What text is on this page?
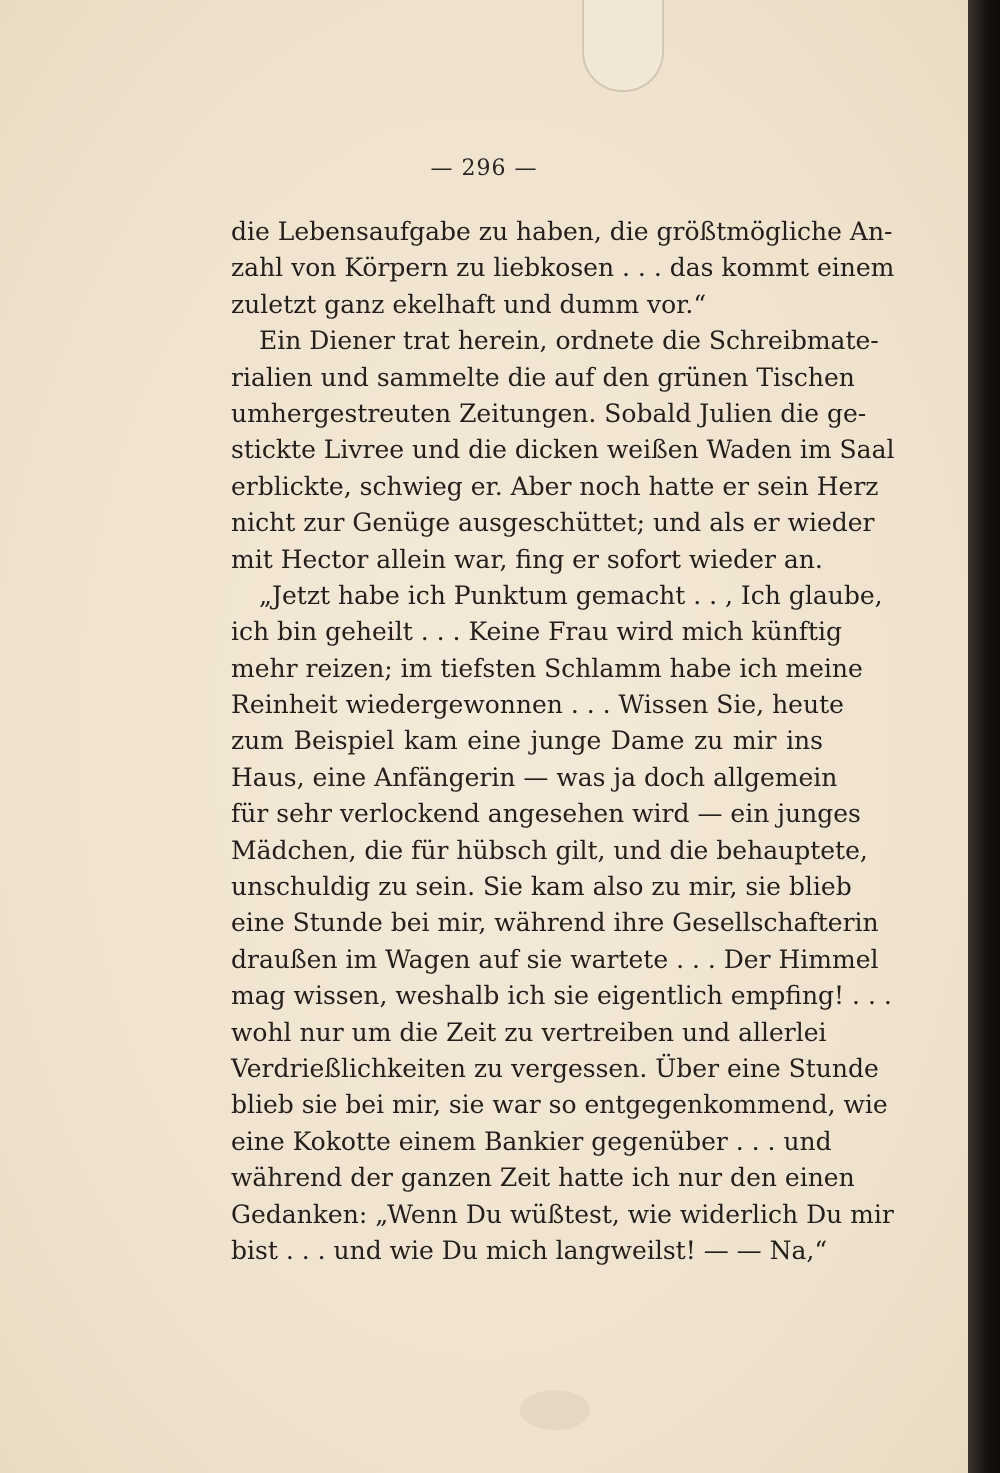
— 296 —
die Lebensaufgabe zu haben, die größtmögliche An-
zahl von Körpern zu liebkosen . . . das kommt einem
zuletzt ganz ekelhaft und dumm vor.“
Ein Diener trat herein, ordnete die Schreibmate-
rialien und sammelte die auf den grünen Tischen
umhergestreuten Zeitungen. Sobald Julien die ge-
stickte Livree und die dicken weißen Waden im Saal
erblickte, schwieg er. Aber noch hatte er sein Herz
nicht zur Genüge ausgeschüttet; und als er wieder
mit Hector allein war, fing er sofort wieder an.
„Jetzt habe ich Punktum gemacht . . , Ich glaube,
ich bin geheilt . . . Keine Frau wird mich künftig
mehr reizen; im tiefsten Schlamm habe ich meine
Reinheit wiedergewonnen . . . Wissen Sie, heute
zum Beispiel kam eine junge Dame zu mir ins
Haus, eine Anfängerin — was ja doch allgemein
für sehr verlockend angesehen wird — ein junges
Mädchen, die für hübsch gilt, und die behauptete,
unschuldig zu sein. Sie kam also zu mir, sie blieb
eine Stunde bei mir, während ihre Gesellschafterin
draußen im Wagen auf sie wartete . . . Der Himmel
mag wissen, weshalb ich sie eigentlich empfing! . . .
wohl nur um die Zeit zu vertreiben und allerlei
Verdrießlichkeiten zu vergessen. Über eine Stunde
blieb sie bei mir, sie war so entgegenkommend, wie
eine Kokotte einem Bankier gegenüber . . . und
während der ganzen Zeit hatte ich nur den einen
Gedanken: „Wenn Du wüßtest, wie widerlich Du mir
bist . . . und wie Du mich langweilst! — — Na,“
